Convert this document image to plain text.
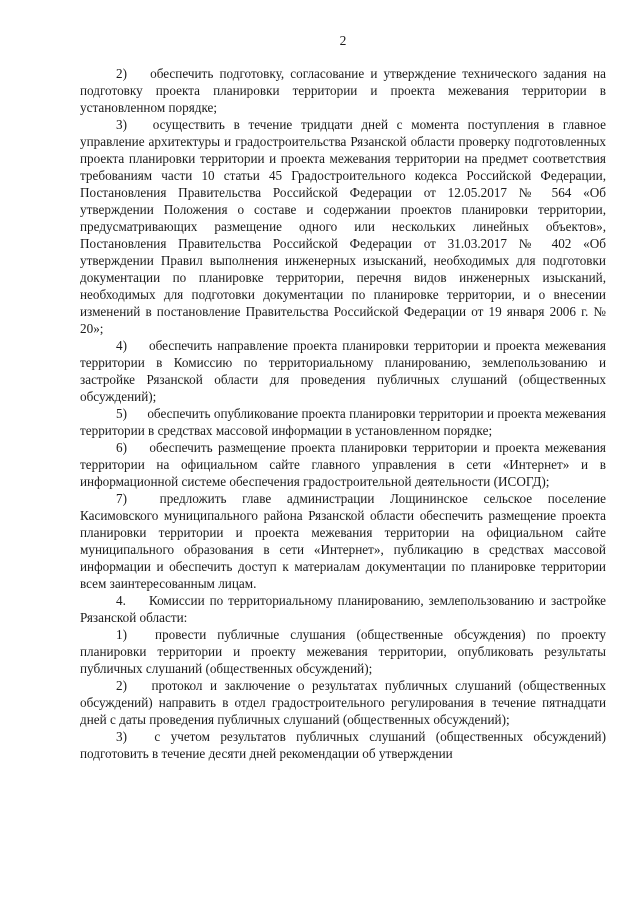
2

2) обеспечить подготовку, согласование и утверждение технического задания на подготовку проекта планировки территории и проекта межевания территории в установленном порядке;

3) осуществить в течение тридцати дней с момента поступления в главное управление архитектуры и градостроительства Рязанской области проверку подготовленных проекта планировки территории и проекта межевания территории на предмет соответствия требованиям части 10 статьи 45 Градостроительного кодекса Российской Федерации, Постановления Правительства Российской Федерации от 12.05.2017 № 564 «Об утверждении Положения о составе и содержании проектов планировки территории, предусматривающих размещение одного или нескольких линейных объектов», Постановления Правительства Российской Федерации от 31.03.2017 № 402 «Об утверждении Правил выполнения инженерных изысканий, необходимых для подготовки документации по планировке территории, перечня видов инженерных изысканий, необходимых для подготовки документации по планировке территории, и о внесении изменений в постановление Правительства Российской Федерации от 19 января 2006 г. № 20»;

4) обеспечить направление проекта планировки территории и проекта межевания территории в Комиссию по территориальному планированию, землепользованию и застройке Рязанской области для проведения публичных слушаний (общественных обсуждений);

5) обеспечить опубликование проекта планировки территории и проекта межевания территории в средствах массовой информации в установленном порядке;

6) обеспечить размещение проекта планировки территории и проекта межевания территории на официальном сайте главного управления в сети «Интернет» и в информационной системе обеспечения градостроительной деятельности (ИСОГД);

7) предложить главе администрации Лощининское сельское поселение Касимовского муниципального района Рязанской области обеспечить размещение проекта планировки территории и проекта межевания территории на официальном сайте муниципального образования в сети «Интернет», публикацию в средствах массовой информации и обеспечить доступ к материалам документации по планировке территории всем заинтересованным лицам.

4. Комиссии по территориальному планированию, землепользованию и застройке Рязанской области:

1) провести публичные слушания (общественные обсуждения) по проекту планировки территории и проекту межевания территории, опубликовать результаты публичных слушаний (общественных обсуждений);

2) протокол и заключение о результатах публичных слушаний (общественных обсуждений) направить в отдел градостроительного регулирования в течение пятнадцати дней с даты проведения публичных слушаний (общественных обсуждений);

3) с учетом результатов публичных слушаний (общественных обсуждений) подготовить в течение десяти дней рекомендации об утверждении
